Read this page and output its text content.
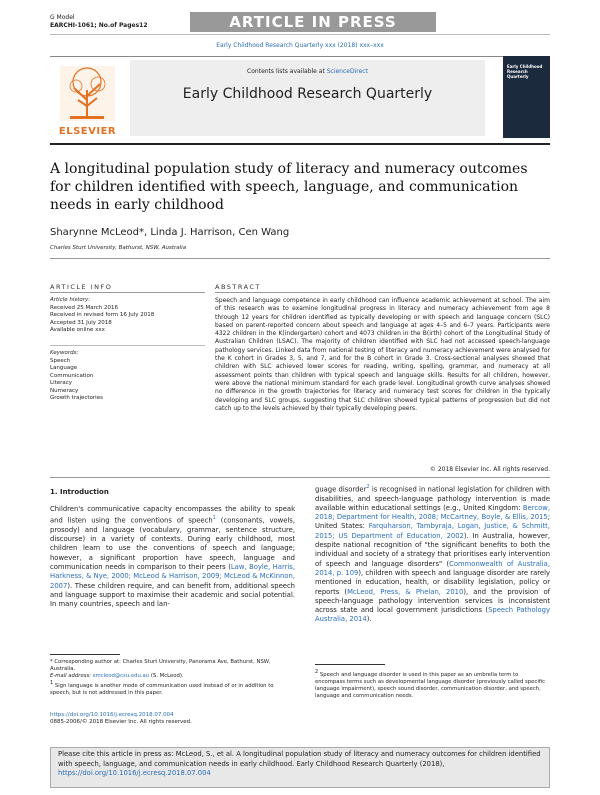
G Model
EARCHI-1061; No.of Pages12	ARTICLE IN PRESS
Early Childhood Research Quarterly xxx (2018) xxx–xxx
ELSEVIER
Contents lists available at ScienceDirect
Early Childhood Research Quarterly
Early Childhood Research Quarterly
A longitudinal population study of literacy and numeracy outcomes for children identified with speech, language, and communication needs in early childhood
Sharynne McLeod*, Linda J. Harrison, Cen Wang
Charles Sturt University, Bathurst, NSW, Australia
ARTICLE INFO	ABSTRACT
Article history:
Received 25 March 2016
Received in revised form 16 July 2018
Accepted 31 July 2018
Available online xxx
Keywords:
Speech
Language
Communication
Literacy
Numeracy
Growth trajectories
Speech and language competence in early childhood can influence academic achievement at school. The aim of this research was to examine longitudinal progress in literacy and numeracy achievement from age 8 through 12 years for children identified as typically developing or with speech and language concern (SLC) based on parent-reported concern about speech and language at ages 4–5 and 6–7 years. Participants were 4322 children in the K(indergarten) cohort and 4073 children in the B(irth) cohort of the Longitudinal Study of Australian Children (LSAC). The majority of children identified with SLC had not accessed speech-language pathology services. Linked data from national testing of literacy and numeracy achievement were analysed for the K cohort in Grades 3, 5, and 7, and for the B cohort in Grade 3. Cross-sectional analyses showed that children with SLC achieved lower scores for reading, writing, spelling, grammar, and numeracy at all assessment points than children with typical speech and language skills. Results for all children, however, were above the national minimum standard for each grade level. Longitudinal growth curve analyses showed no difference in the growth trajectories for literacy and numeracy test scores for children in the typically developing and SLC groups, suggesting that SLC children showed typical patterns of progression but did not catch up to the levels achieved by their typically developing peers.
© 2018 Elsevier Inc. All rights reserved.
1. Introduction
Children's communicative capacity encompasses the ability to speak and listen using the conventions of speech$^1$ (consonants, vowels, prosody) and language (vocabulary, grammar, sentence structure, discourse) in a variety of contexts. During early childhood, most children learn to use the conventions of speech and language; however, a significant proportion have speech, language and communication needs in comparison to their peers (Law, Boyle, Harris, Harkness, & Nye, 2000; McLeod & Harrison, 2009; McLeod & McKinnon, 2007). These children require, and can benefit from, additional speech and language support to maximise their academic and social potential. In many countries, speech and lan-
guage disorder$^2$ is recognised in national legislation for children with disabilities, and speech-language pathology intervention is made available within educational settings (e.g., United Kingdom: Bercow, 2018; Department for Health, 2008; McCartney, Boyle, & Ellis, 2015; United States: Farquharson, Tambyraja, Logan, Justice, & Schmitt, 2015; US Department of Education, 2002). In Australia, however, despite national recognition of "the significant benefits to both the individual and society of a strategy that prioritises early intervention of speech and language disorders" (Commonwealth of Australia, 2014, p. 109), children with speech and language disorder are rarely mentioned in education, health, or disability legislation, policy or reports (McLeod, Press, & Phelan, 2010), and the provision of speech-language pathology intervention services is inconsistent across state and local government jurisdictions (Speech Pathology Australia, 2014).
* Corresponding author at: Charles Sturt University, Panorama Ave, Bathurst, NSW, Australia.
E-mail address: smcleod@csu.edu.au (S. McLeod).
1 Sign language is another mode of communication used instead of or in addition to speech, but is not addressed in this paper.
2 Speech and language disorder is used in this paper as an umbrella term to encompass terms such as developmental language disorder (previously called specific language impairment), speech sound disorder, communication disorder, and speech, language and communication needs.
https://doi.org/10.1016/j.ecresq.2018.07.004
0885-2006/© 2018 Elsevier Inc. All rights reserved.
Please cite this article in press as: McLeod, S., et al. A longitudinal population study of literacy and numeracy outcomes for children identified with speech, language, and communication needs in early childhood. Early Childhood Research Quarterly (2018), https://doi.org/10.1016/j.ecresq.2018.07.004
